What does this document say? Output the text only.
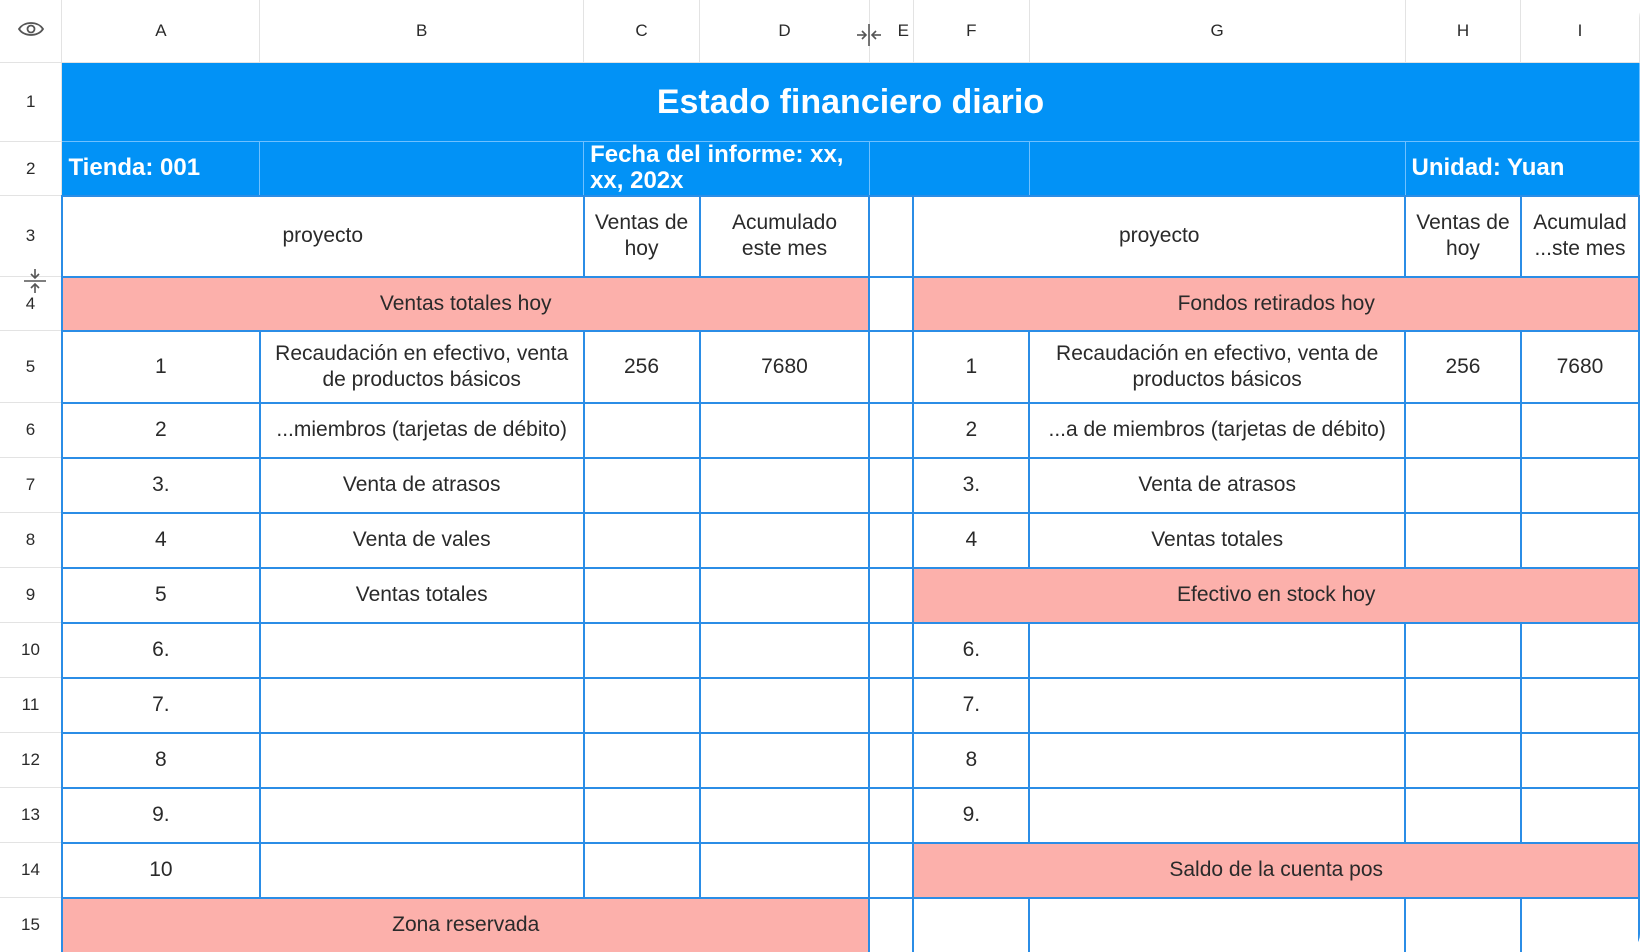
	A	B	C	D	E	F	G	H	I
1	Estado financiero diario								
2	Tienda: 001		Fecha del informe: xx, xx, 202x					Unidad: Yuan	
3	proyecto		Ventas de hoy	Acumulado este mes		proyecto		Ventas de hoy	Acumulad ...ste mes
4	Ventas totales hoy					Fondos retirados hoy			
5	1	Recaudación en efectivo, venta de productos básicos	256	7680		1	Recaudación en efectivo, venta de productos básicos	256	7680
6	2	...miembros (tarjetas de débito)				2	...a de miembros (tarjetas de débito)		
7	3.	Venta de atrasos				3.	Venta de atrasos		
8	4	Venta de vales				4	Ventas totales		
9	5	Ventas totales				Efectivo en stock hoy			
10	6.					6.			
11	7.					7.			
12	8					8			
13	9.					9.			
14	10					Saldo de la cuenta pos			
15	Zona reservada								
